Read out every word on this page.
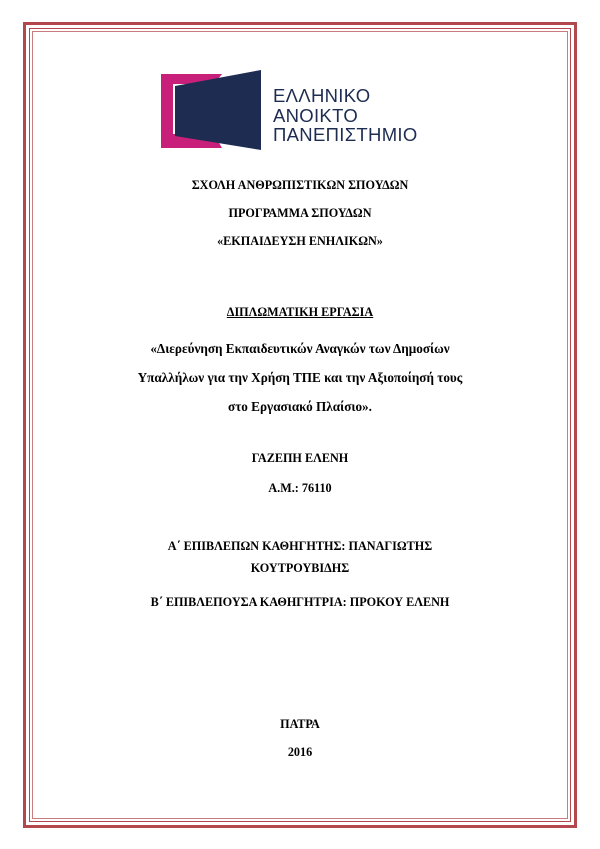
ΕΛΛΗΝΙΚΟ
ΑΝΟΙΚΤΟ
ΠΑΝΕΠΙΣΤΗΜΙΟ
ΣΧΟΛΗ ΑΝΘΡΩΠΙΣΤΙΚΩΝ ΣΠΟΥΔΩΝ
ΠΡΟΓΡΑΜΜΑ ΣΠΟΥΔΩΝ
«ΕΚΠΑΙΔΕΥΣΗ ΕΝΗΛΙΚΩΝ»
ΔΙΠΛΩΜΑΤΙΚΗ ΕΡΓΑΣΙΑ
«Διερεύνηση Εκπαιδευτικών Αναγκών των Δημοσίων
Υπαλλήλων για την Χρήση ΤΠΕ και την Αξιοποίησή τους
στο Εργασιακό Πλαίσιο».
ΓΑΖΕΠΗ ΕΛΕΝΗ
Α.Μ.: 76110
Α΄ ΕΠΙΒΛΕΠΩΝ ΚΑΘΗΓΗΤΗΣ: ΠΑΝΑΓΙΩΤΗΣ
ΚΟΥΤΡΟΥΒΙΔΗΣ
Β΄ ΕΠΙΒΛΕΠΟΥΣΑ ΚΑΘΗΓΗΤΡΙΑ: ΠΡΟΚΟΥ ΕΛΕΝΗ
ΠΑΤΡΑ
2016
